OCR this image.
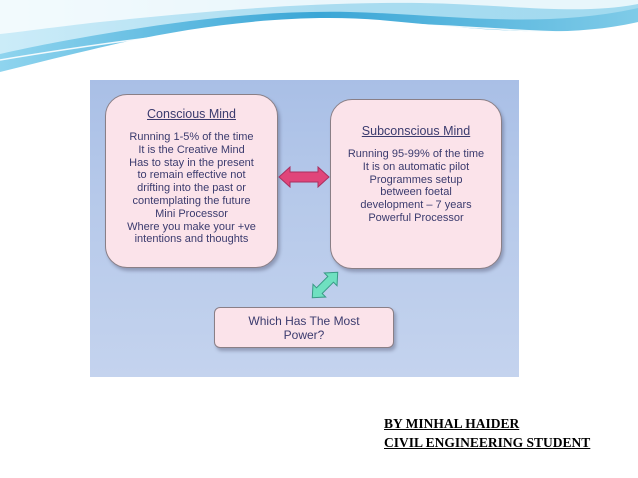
Conscious Mind
Running 1-5% of the time
It is the Creative Mind
Has to stay in the present
to remain effective not
drifting into the past or
contemplating the future
Mini Processor
Where you make your +ve
intentions and thoughts
Subconscious Mind
Running 95-99% of the time
It is on automatic pilot
Programmes setup
between foetal
development – 7 years
Powerful Processor
Which Has The Most
Power?
BY MINHAL HAIDER
CIVIL ENGINEERING STUDENT
